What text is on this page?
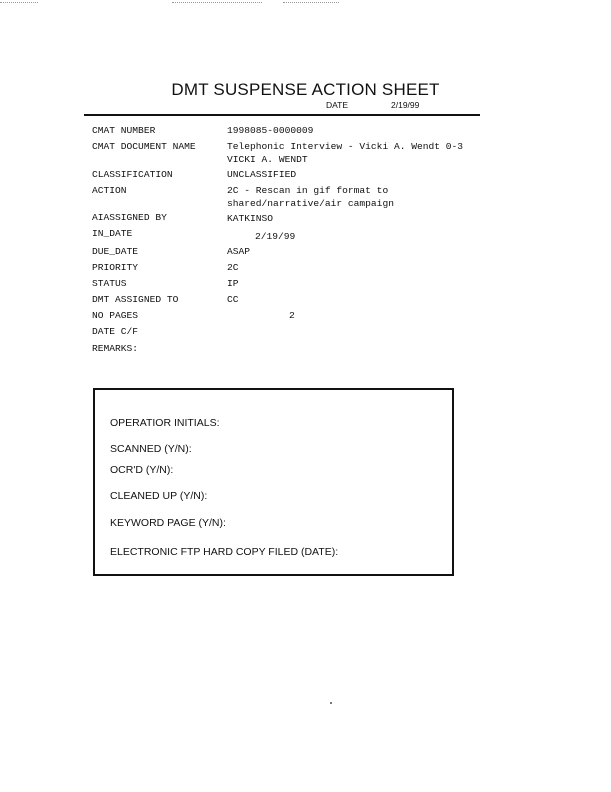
DMT SUSPENSE ACTION SHEET
DATE	2/19/99
CMAT NUMBER	1998085-0000009
CMAT DOCUMENT NAME	Telephonic Interview - Vicki A. Wendt 0-3 VICKI A. WENDT
CLASSIFICATION	UNCLASSIFIED
ACTION	2C - Rescan in gif format to shared/narrative/air campaign
AIASSIGNED BY	KATKINSO
IN_DATE	2/19/99
DUE_DATE	ASAP
PRIORITY	2C
STATUS	IP
DMT ASSIGNED TO	CC
NO PAGES	2
DATE C/F
REMARKS:
OPERATIOR INITIALS:
SCANNED (Y/N):
OCR'D (Y/N):
CLEANED UP (Y/N):
KEYWORD PAGE (Y/N):
ELECTRONIC FTP HARD COPY FILED (DATE):
